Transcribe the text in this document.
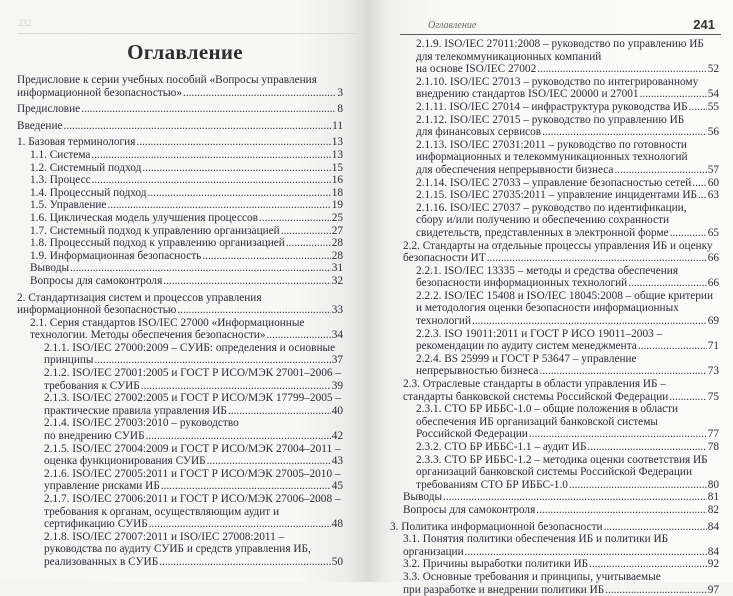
232
Оглавление
Предисловие к серии учебных пособий «Вопросы управления
информационной безопасностью» .....	3
Предисловие .....	8
Введение .....	11
1. Базовая терминология .....	13
1.1. Система .....	13
1.2. Системный подход .....	15
1.3. Процесс .....	16
1.4. Процессный подход .....	18
1.5. Управление .....	19
1.6. Циклическая модель улучшения процессов .....	25
1.7. Системный подход к управлению организацией .....	27
1.8. Процессный подход к управлению организацией .....	28
1.9. Информационная безопасность .....	28
Выводы .....	31
Вопросы для самоконтроля .....	32
2. Стандартизация систем и процессов управления
информационной безопасностью .....	33
2.1. Серия стандартов ISO/IEC 27000 «Информационные
технологии. Методы обеспечения безопасности» .....	34
2.1.1. ISO/IEC 27000:2009 – СУИБ: определения и основные
принципы .....	37
2.1.2. ISO/IEC 27001:2005 и ГОСТ Р ИСО/МЭК 27001–2006 –
требования к СУИБ .....	39
2.1.3. ISO/IEC 27002:2005 и ГОСТ Р ИСО/МЭК 17799–2005 –
практические правила управления ИБ .....	40
2.1.4. ISO/IEC 27003:2010 – руководство
по внедрению СУИБ .....	42
2.1.5. ISO/IEC 27004:2009 и ГОСТ Р ИСО/МЭК 27004–2011 –
оценка функционирования СУИБ .....	43
2.1.6. ISO/IEC 27005:2011 и ГОСТ Р ИСО/МЭК 27005–2010 –
управление рисками ИБ .....	45
2.1.7. ISO/IEC 27006:2011 и ГОСТ Р ИСО/МЭК 27006–2008 –
требования к органам, осуществляющим аудит и
сертификацию СУИБ .....	48
2.1.8. ISO/IEC 27007:2011 и ISO/IEC 27008:2011 –
руководства по аудиту СУИБ и средств управления ИБ,
реализованных в СУИБ .....	50
Оглавление	241
2.1.9. ISO/IEC 27011:2008 – руководство по управлению ИБ
для телекоммуникационных компаний
на основе ISO/IEC 27002 .....	52
2.1.10. ISO/IEC 27013 – руководство по интегрированному
внедрению стандартов ISO/IEC 20000 и 27001 .....	54
2.1.11. ISO/IEC 27014 – инфраструктура руководства ИБ ..... 55
2.1.12. ISO/IEC 27015 – руководство по управлению ИБ
для финансовых сервисов .....	56
2.1.13. ISO/IEC 27031:2011 – руководство по готовности
информационных и телекоммуникационных технологий
для обеспечения непрерывности бизнеса .....	57
2.1.14. ISO/IEC 27033 – управление безопасностью сетей ..... 60
2.1.15. ISO/IEC 27035:2011 – управление инцидентами ИБ ..... 63
2.1.16. ISO/IEC 27037 – руководство по идентификации,
сбору и/или получению и обеспечению сохранности
свидетельств, представленных в электронной форме .....	65
2.2. Стандарты на отдельные процессы управления ИБ и оценку
безопасности ИТ .....	66
2.2.1. ISO/IEC 13335 – методы и средства обеспечения
безопасности информационных технологий .....	66
2.2.2. ISO/IEC 15408 и ISO/IEC 18045:2008 – общие критерии
и методология оценки безопасности информационных
технологий .....	69
2.2.3. ISO 19011:2011 и ГОСТ Р ИСО 19011–2003 –
рекомендации по аудиту систем менеджмента .....	71
2.2.4. BS 25999 и ГОСТ Р 53647 – управление
непрерывностью бизнеса .....	73
2.3. Отраслевые стандарты в области управления ИБ –
стандарты банковской системы Российской Федерации .....	75
2.3.1. СТО БР ИББС-1.0 – общие положения в области
обеспечения ИБ организаций банковской системы
Российской Федерации .....	77
2.3.2. СТО БР ИББС-1.1 – аудит ИБ .....	78
2.3.3. СТО БР ИББС-1.2 – методика оценки соответствия ИБ
организаций банковской системы Российской Федерации
требованиям СТО БР ИББС-1.0 .....	80
Выводы .....	81
Вопросы для самоконтроля .....	82
3. Политика информационной безопасности .....	84
3.1. Понятия политики обеспечения ИБ и политики ИБ
организации .....	84
3.2. Причины выработки политики ИБ .....	92
3.3. Основные требования и принципы, учитываемые
при разработке и внедрении политики ИБ .....	97
